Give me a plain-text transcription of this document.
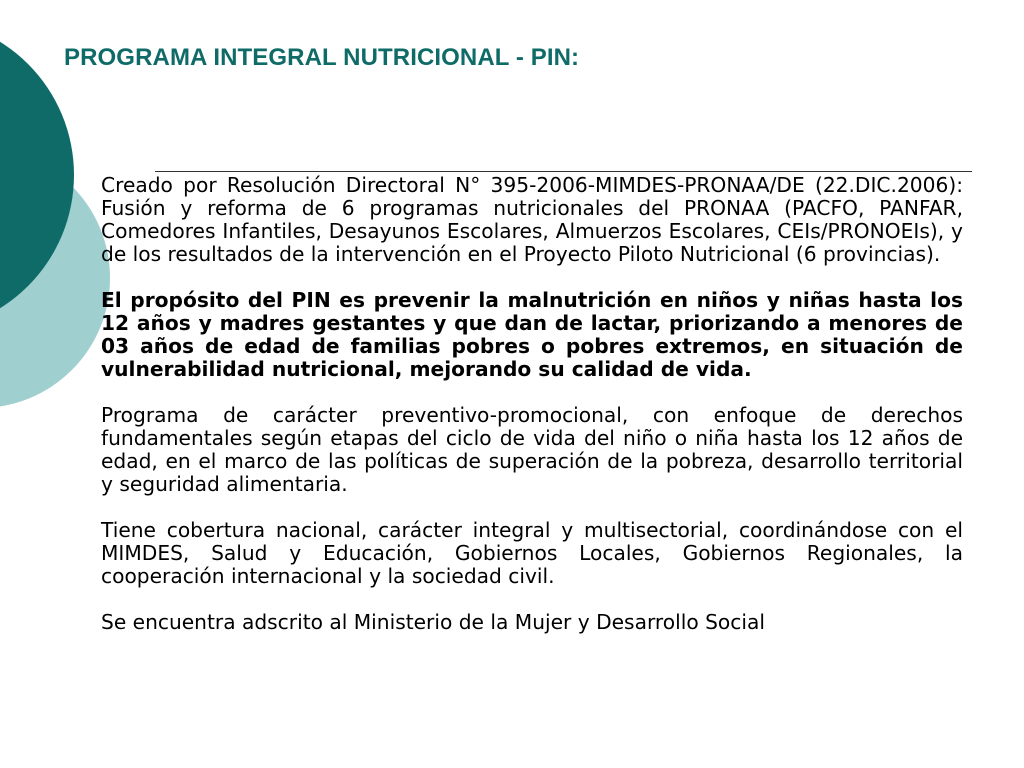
PROGRAMA INTEGRAL NUTRICIONAL - PIN:

Creado por Resolución Directoral N° 395-2006-MIMDES-PRONAA/DE (22.DIC.2006): Fusión y reforma de 6 programas nutricionales del PRONAA (PACFO, PANFAR, Comedores Infantiles, Desayunos Escolares, Almuerzos Escolares, CEIs/PRONOEIs), y de los resultados de la intervención en el Proyecto Piloto Nutricional (6 provincias).

El propósito del PIN es prevenir la malnutrición en niños y niñas hasta los 12 años y madres gestantes y que dan de lactar, priorizando a menores de 03 años de edad de familias pobres o pobres extremos, en situación de vulnerabilidad nutricional, mejorando su calidad de vida.

Programa de carácter preventivo-promocional, con enfoque de derechos fundamentales según etapas del ciclo de vida del niño o niña hasta los 12 años de edad, en el marco de las políticas de superación de la pobreza, desarrollo territorial y seguridad alimentaria.

Tiene cobertura nacional, carácter integral y multisectorial, coordinándose con el MIMDES, Salud y Educación, Gobiernos Locales, Gobiernos Regionales, la cooperación internacional y la sociedad civil.

Se encuentra adscrito al Ministerio de la Mujer y Desarrollo Social
